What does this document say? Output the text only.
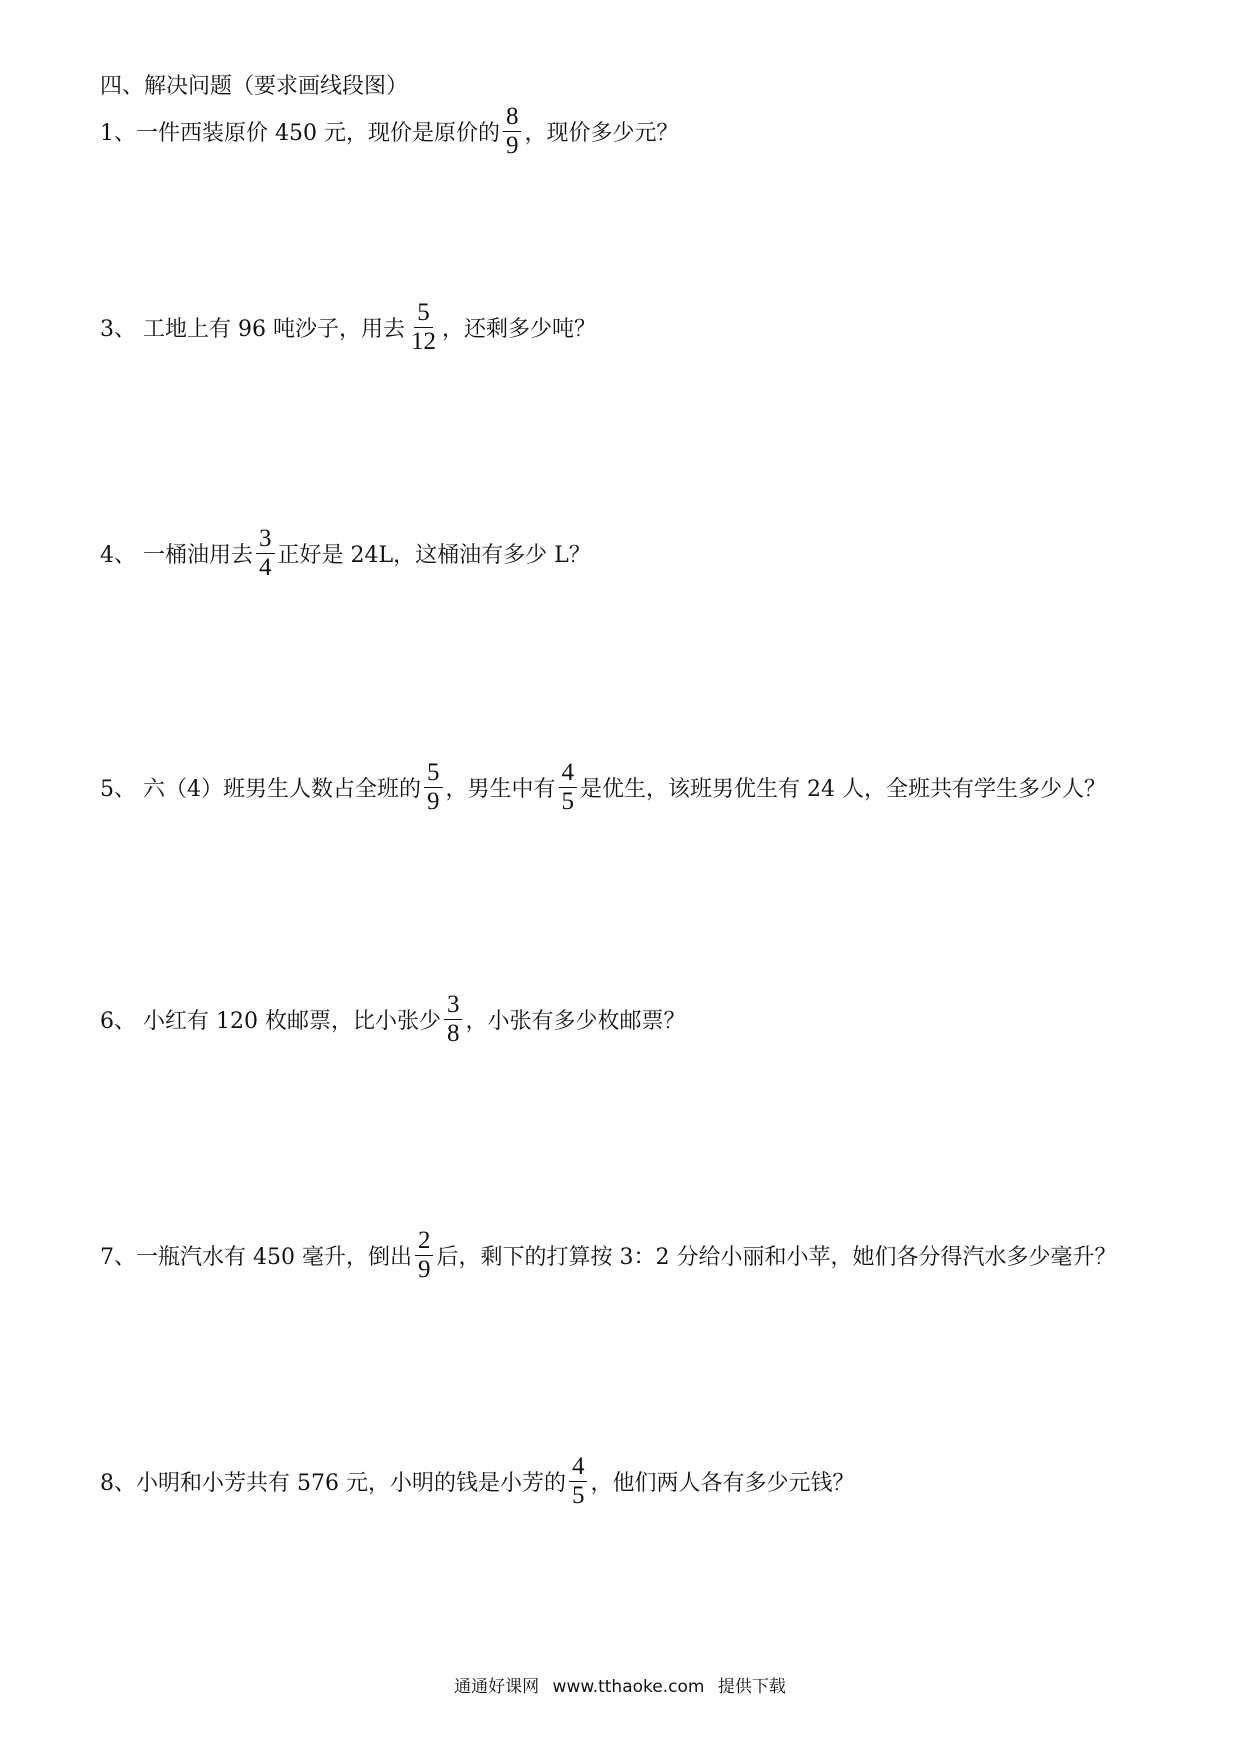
四、解决问题（要求画线段图）
1、一件西装原价 450 元，现价是原价的 $\frac{8}{9}$ ，现价多少元？
3、 工地上有 96 吨沙子，用去 $\frac{5}{12}$ ，还剩多少吨？
4、 一桶油用去 $\frac{3}{4}$ 正好是 24L，这桶油有多少 L？
5、 六（4）班男生人数占全班的 $\frac{5}{9}$ ，男生中有 $\frac{4}{5}$ 是优生，该班男优生有 24 人，全班共有学生多少人？
6、 小红有 120 枚邮票，比小张少 $\frac{3}{8}$ ，小张有多少枚邮票？
7、一瓶汽水有 450 毫升，倒出 $\frac{2}{9}$ 后，剩下的打算按 3：2 分给小丽和小苹，她们各分得汽水多少毫升？
8、小明和小芳共有 576 元，小明的钱是小芳的 $\frac{4}{5}$ ，他们两人各有多少元钱？
通通好课网 www.tthaoke.com 提供下载
